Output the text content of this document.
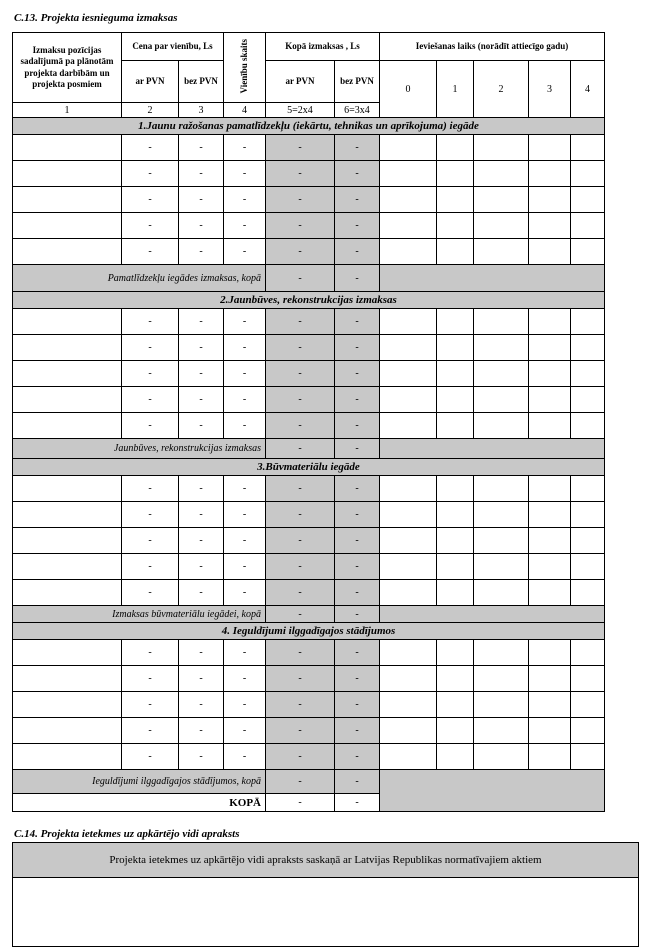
C.13. Projekta iesnieguma izmaksas
Izmaksu pozīcijas sadalījumā pa plānotām projekta darbībām un projekta posmiem	Cena par vienību, Ls		Vienību skaits	Kopā izmaksas , Ls		Ieviešanas laiks (norādīt attiecīgo gadu)				
	ar PVN	bez PVN		ar PVN	bez PVN	0	1	2	3	4
1	2	3	4	5=2x4	6=3x4					
1.Jaunu ražošanas pamatlīdzekļu (iekārtu, tehnikas un aprīkojuma) iegāde										
	-	-	-	-	-					
	-	-	-	-	-					
	-	-	-	-	-					
	-	-	-	-	-					
	-	-	-	-	-					
Pamatlīdzekļu iegādes izmaksas, kopā				-	-					
2.Jaunbūves, rekonstrukcijas izmaksas										
	-	-	-	-	-					
	-	-	-	-	-					
	-	-	-	-	-					
	-	-	-	-	-					
	-	-	-	-	-					
Jaunbūves, rekonstrukcijas izmaksas				-	-					
3.Būvmateriālu iegāde										
	-	-	-	-	-					
	-	-	-	-	-					
	-	-	-	-	-					
	-	-	-	-	-					
	-	-	-	-	-					
Izmaksas būvmateriālu iegādei, kopā				-	-					
4. Ieguldījumi ilggadīgajos stādījumos										
	-	-	-	-	-					
	-	-	-	-	-					
	-	-	-	-	-					
	-	-	-	-	-					
	-	-	-	-	-					
Ieguldījumi ilggadīgajos stādījumos, kopā				-	-					
KOPĀ				-	-					
C.14. Projekta ietekmes uz apkārtējo vidi apraksts
Projekta ietekmes uz apkārtējo vidi apraksts saskaņā ar Latvijas Republikas normatīvajiem aktiem
